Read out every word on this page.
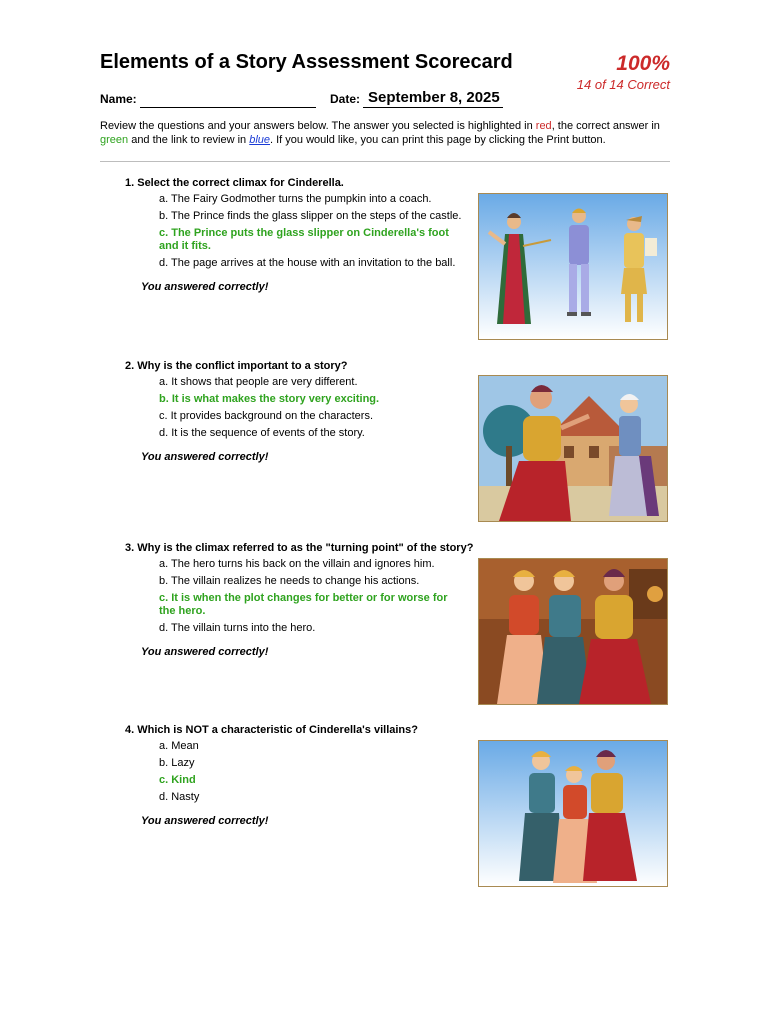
Elements of a Story Assessment Scorecard	100%
14 of 14 Correct
Name:	Date: September 8, 2025
Review the questions and your answers below. The answer you selected is highlighted in red, the correct answer in green and the link to review in blue. If you would like, you can print this page by clicking the Print button.
1. Select the correct climax for Cinderella.
a. The Fairy Godmother turns the pumpkin into a coach.
b. The Prince finds the glass slipper on the steps of the castle.
c. The Prince puts the glass slipper on Cinderella's foot and it fits.
d. The page arrives at the house with an invitation to the ball.
You answered correctly!
2. Why is the conflict important to a story?
a. It shows that people are very different.
b. It is what makes the story very exciting.
c. It provides background on the characters.
d. It is the sequence of events of the story.
You answered correctly!
3. Why is the climax referred to as the "turning point" of the story?
a. The hero turns his back on the villain and ignores him.
b. The villain realizes he needs to change his actions.
c. It is when the plot changes for better or for worse for the hero.
d. The villain turns into the hero.
You answered correctly!
4. Which is NOT a characteristic of Cinderella's villains?
a. Mean
b. Lazy
c. Kind
d. Nasty
You answered correctly!
